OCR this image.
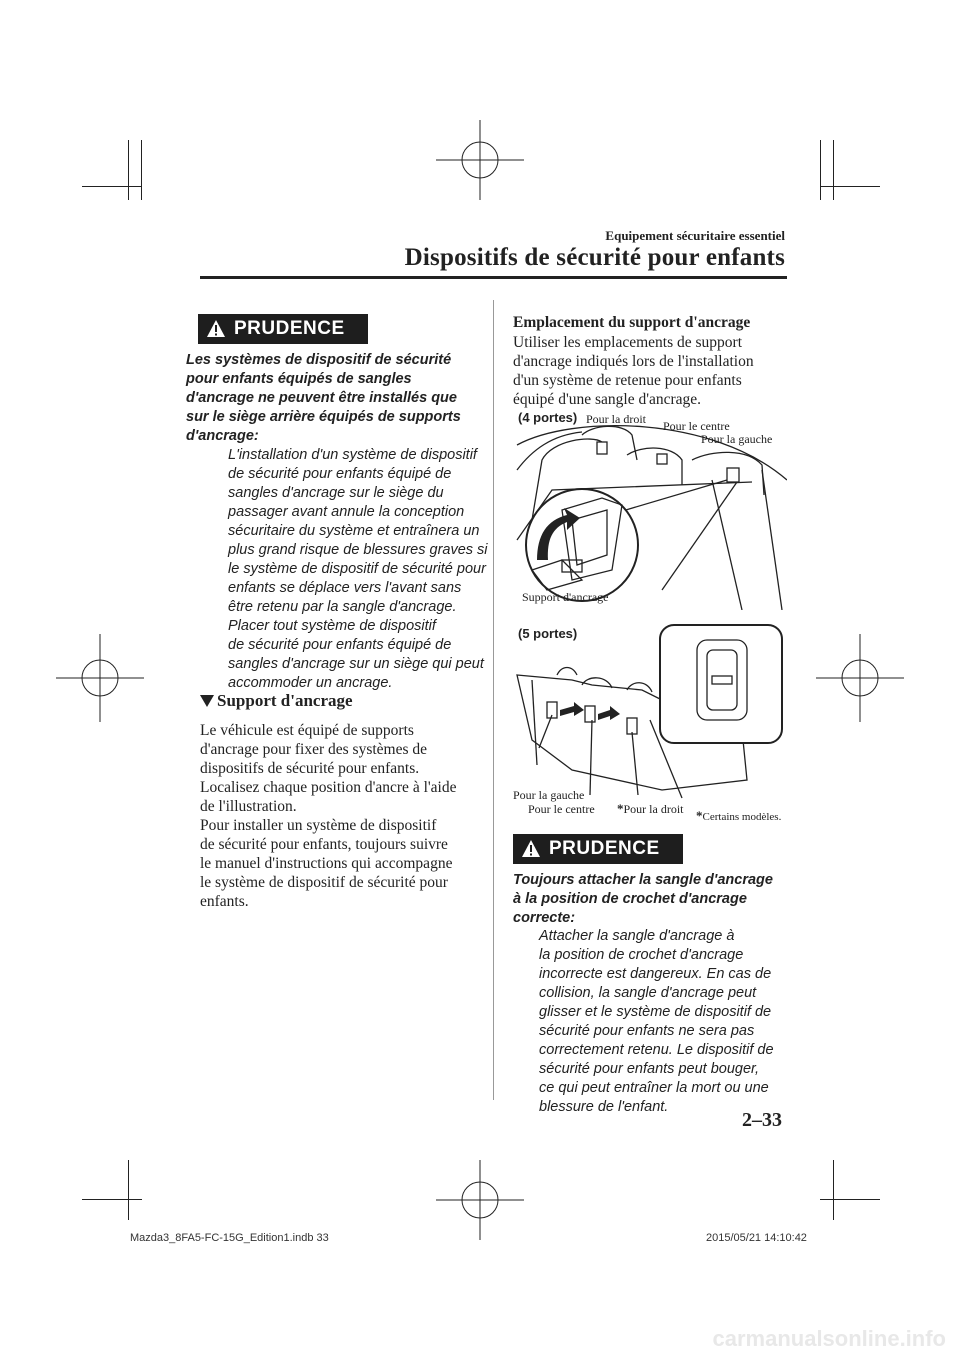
Equipement sécuritaire essentiel
Dispositifs de sécurité pour enfants
PRUDENCE
Les systèmes de dispositif de sécurité
pour enfants équipés de sangles
d'ancrage ne peuvent être installés que
sur le siège arrière équipés de supports
d'ancrage:
L'installation d'un système de dispositif
de sécurité pour enfants équipé de
sangles d'ancrage sur le siège du
passager avant annule la conception
sécuritaire du système et entraînera un
plus grand risque de blessures graves si
le système de dispositif de sécurité pour
enfants se déplace vers l'avant sans
être retenu par la sangle d'ancrage.
Placer tout système de dispositif
de sécurité pour enfants équipé de
sangles d'ancrage sur un siège qui peut
accommoder un ancrage.
Support d'ancrage
Le véhicule est équipé de supports
d'ancrage pour fixer des systèmes de
dispositifs de sécurité pour enfants.
Localisez chaque position d'ancre à l'aide
de l'illustration.
Pour installer un système de dispositif
de sécurité pour enfants, toujours suivre
le manuel d'instructions qui accompagne
le système de dispositif de sécurité pour
enfants.
Emplacement du support d'ancrage
Utiliser les emplacements de support
d'ancrage indiqués lors de l'installation
d'un système de retenue pour enfants
équipé d'une sangle d'ancrage.
(4 portes) Pour la droit Pour le centre
Pour la gauche
Support d'ancrage
(5 portes)
Pour la gauche
Pour le centre *Pour la droit *Certains modèles.
PRUDENCE
Toujours attacher la sangle d'ancrage
à la position de crochet d'ancrage
correcte:
Attacher la sangle d'ancrage à
la position de crochet d'ancrage
incorrecte est dangereux. En cas de
collision, la sangle d'ancrage peut
glisser et le système de dispositif de
sécurité pour enfants ne sera pas
correctement retenu. Le dispositif de
sécurité pour enfants peut bouger,
ce qui peut entraîner la mort ou une
blessure de l'enfant.
2–33
Mazda3_8FA5-FC-15G_Edition1.indb 33	2015/05/21 14:10:42
carmanualsonline.info
